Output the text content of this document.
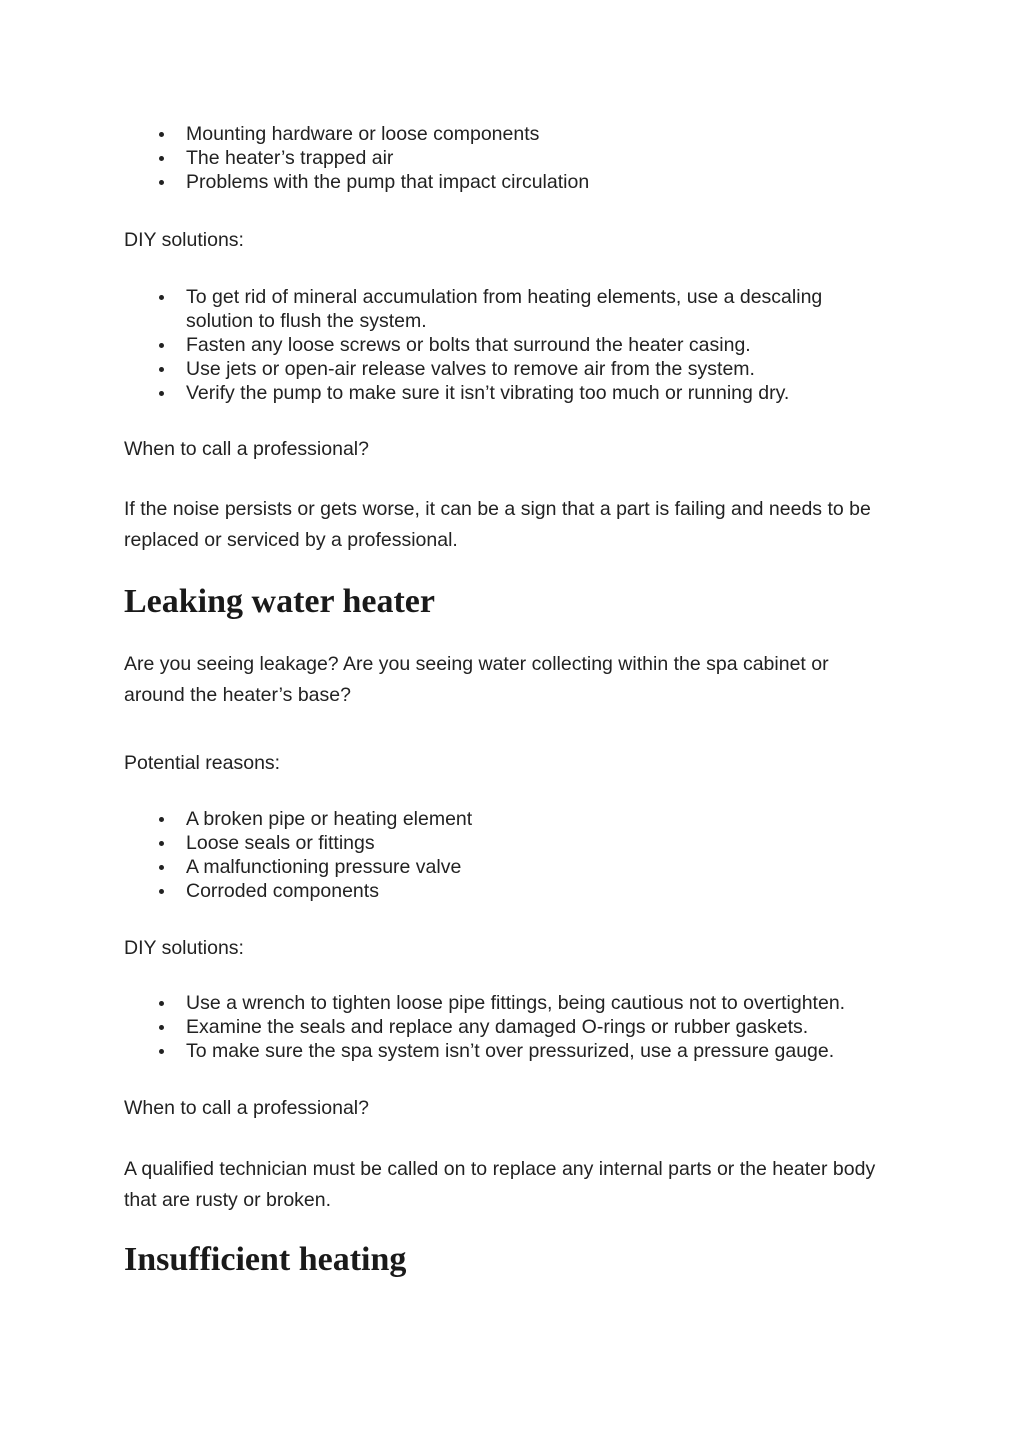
Mounting hardware or loose components
The heater’s trapped air
Problems with the pump that impact circulation

DIY solutions:

To get rid of mineral accumulation from heating elements, use a descaling solution to flush the system.
Fasten any loose screws or bolts that surround the heater casing.
Use jets or open-air release valves to remove air from the system.
Verify the pump to make sure it isn’t vibrating too much or running dry.

When to call a professional?

If the noise persists or gets worse, it can be a sign that a part is failing and needs to be replaced or serviced by a professional.

Leaking water heater

Are you seeing leakage? Are you seeing water collecting within the spa cabinet or around the heater’s base?

Potential reasons:

A broken pipe or heating element
Loose seals or fittings
A malfunctioning pressure valve
Corroded components

DIY solutions:

Use a wrench to tighten loose pipe fittings, being cautious not to overtighten.
Examine the seals and replace any damaged O-rings or rubber gaskets.
To make sure the spa system isn’t over pressurized, use a pressure gauge.

When to call a professional?

A qualified technician must be called on to replace any internal parts or the heater body that are rusty or broken.

Insufficient heating
